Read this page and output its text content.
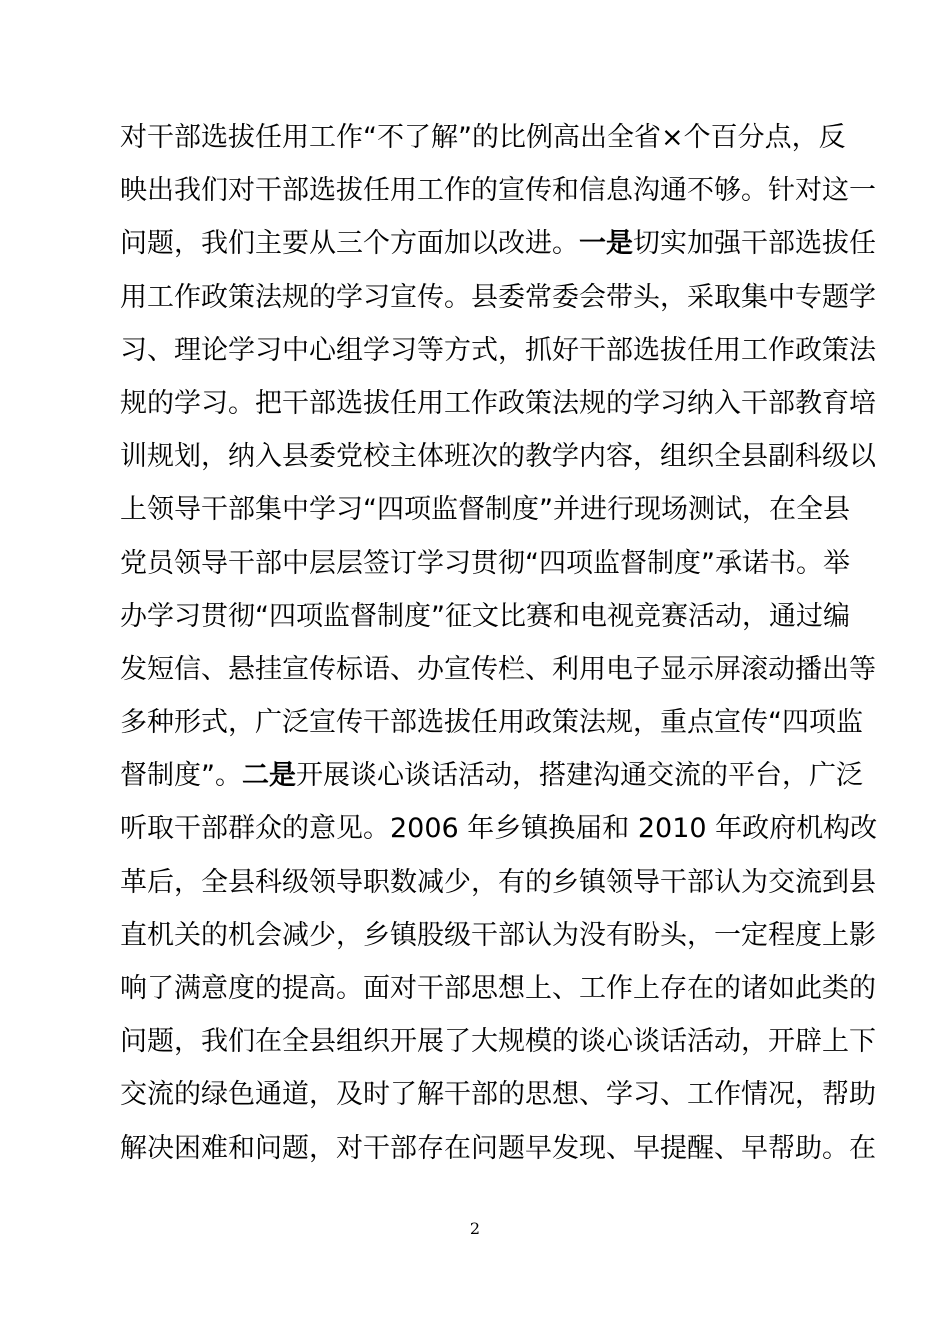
对干部选拔任用工作“不了解”的比例高出全省×个百分点，反
映出我们对干部选拔任用工作的宣传和信息沟通不够。针对这一
问题，我们主要从三个方面加以改进。一是切实加强干部选拔任
用工作政策法规的学习宣传。县委常委会带头，采取集中专题学
习、理论学习中心组学习等方式，抓好干部选拔任用工作政策法
规的学习。把干部选拔任用工作政策法规的学习纳入干部教育培
训规划，纳入县委党校主体班次的教学内容，组织全县副科级以
上领导干部集中学习“四项监督制度”并进行现场测试，在全县
党员领导干部中层层签订学习贯彻“四项监督制度”承诺书。举
办学习贯彻“四项监督制度”征文比赛和电视竞赛活动，通过编
发短信、悬挂宣传标语、办宣传栏、利用电子显示屏滚动播出等
多种形式，广泛宣传干部选拔任用政策法规，重点宣传“四项监
督制度”。二是开展谈心谈话活动，搭建沟通交流的平台，广泛
听取干部群众的意见。2006 年乡镇换届和 2010 年政府机构改
革后，全县科级领导职数减少，有的乡镇领导干部认为交流到县
直机关的机会减少，乡镇股级干部认为没有盼头，一定程度上影
响了满意度的提高。面对干部思想上、工作上存在的诸如此类的
问题，我们在全县组织开展了大规模的谈心谈话活动，开辟上下
交流的绿色通道，及时了解干部的思想、学习、工作情况，帮助
解决困难和问题，对干部存在问题早发现、早提醒、早帮助。在
2
